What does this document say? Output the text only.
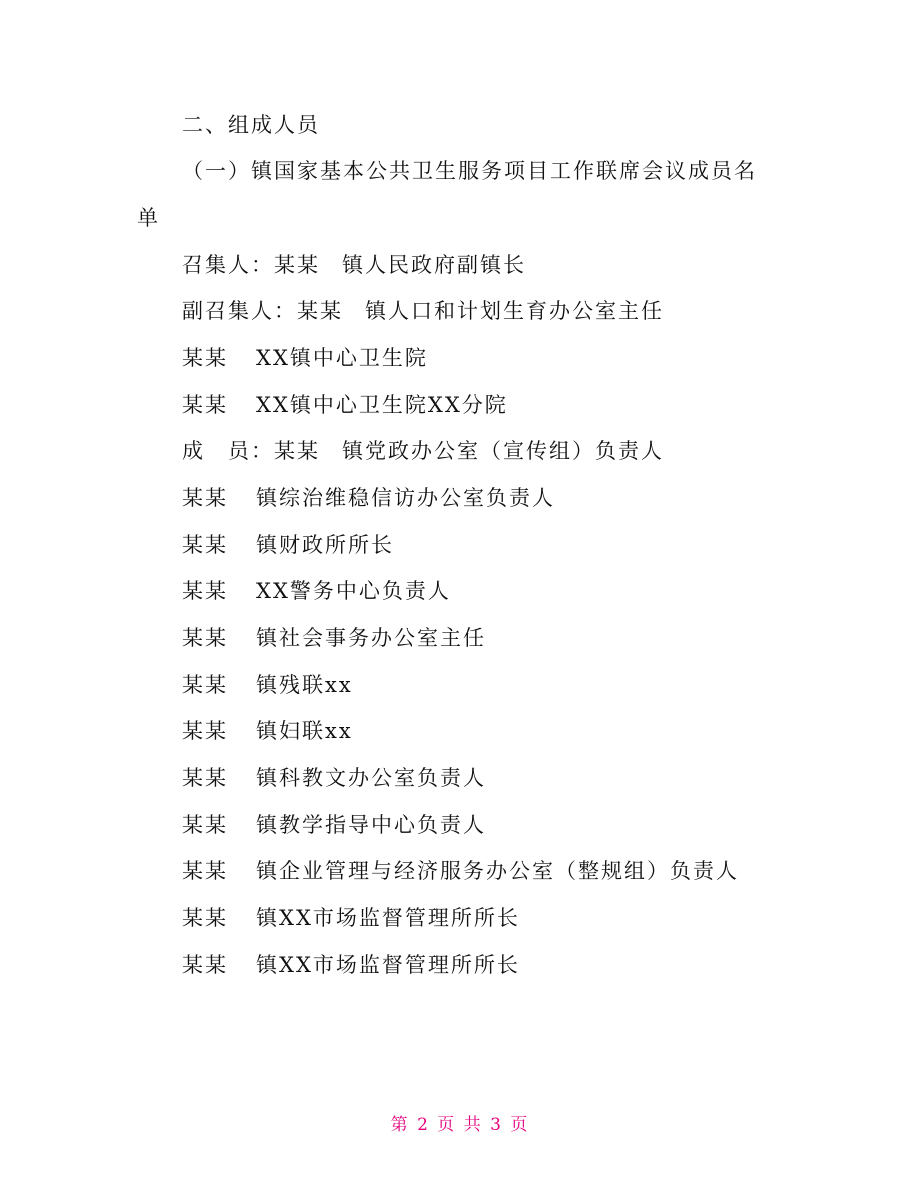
二、组成人员
（一）镇国家基本公共卫生服务项目工作联席会议成员名
单
召集人：某某 镇人民政府副镇长
副召集人：某某 镇人口和计划生育办公室主任
某某 XX镇中心卫生院
某某 XX镇中心卫生院XX分院
成　员：某某 镇党政办公室（宣传组）负责人
某某 镇综治维稳信访办公室负责人
某某 镇财政所所长
某某 XX警务中心负责人
某某 镇社会事务办公室主任
某某 镇残联xx
某某 镇妇联xx
某某 镇科教文办公室负责人
某某 镇教学指导中心负责人
某某 镇企业管理与经济服务办公室（整规组）负责人
某某 镇XX市场监督管理所所长
某某 镇XX市场监督管理所所长
第 2 页 共 3 页
